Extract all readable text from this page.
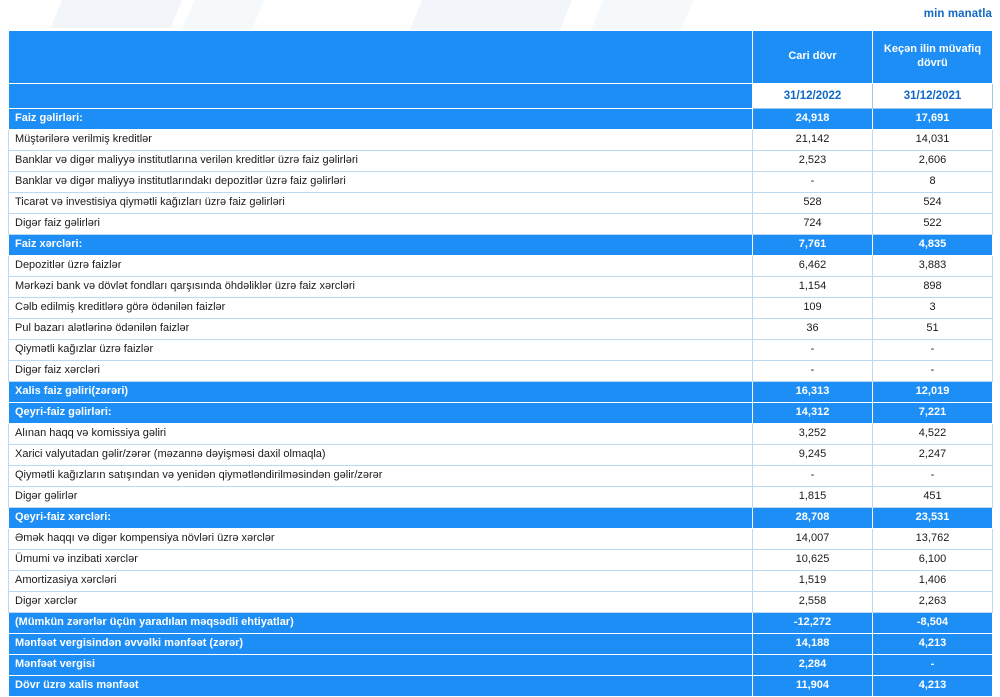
min manatla
	Cari dövr	Keçən ilin müvafiq dövrü
	31/12/2022	31/12/2021
Faiz gəlirləri:	24,918	17,691
Müştərilərə verilmiş kreditlər	21,142	14,031
Banklar və digər maliyyə institutlarına verilən kreditlər üzrə faiz gəlirləri	2,523	2,606
Banklar və digər maliyyə institutlarındakı depozitlər üzrə faiz gəlirləri	-	8
Ticarət və investisiya qiymətli kağızları üzrə faiz gəlirləri	528	524
Digər faiz gəlirləri	724	522
Faiz xərcləri:	7,761	4,835
Depozitlər üzrə faizlər	6,462	3,883
Mərkəzi bank və dövlət fondları qarşısında öhdəliklər üzrə faiz xərcləri	1,154	898
Cəlb edilmiş kreditlərə görə ödənilən faizlər	109	3
Pul bazarı alətlərinə ödənilən faizlər	36	51
Qiymətli kağızlar üzrə faizlər	-	-
Digər faiz xərcləri	-	-
Xalis faiz gəliri(zərəri)	16,313	12,019
Qeyri-faiz gəlirləri:	14,312	7,221
Alınan haqq və komissiya gəliri	3,252	4,522
Xarici valyutadan gəlir/zərər (məzannə dəyişməsi daxil olmaqla)	9,245	2,247
Qiymətli kağızların satışından və yenidən qiymətləndirilməsindən gəlir/zərər	-	-
Digər gəlirlər	1,815	451
Qeyri-faiz xərcləri:	28,708	23,531
Əmək haqqı və digər kompensiya növləri üzrə xərclər	14,007	13,762
Ümumi və inzibati xərclər	10,625	6,100
Amortizasiya xərcləri	1,519	1,406
Digər xərclər	2,558	2,263
(Mümkün zərərlər üçün yaradılan məqsədli ehtiyatlar)	-12,272	-8,504
Mənfəət vergisindən əvvəlki mənfəət (zərər)	14,188	4,213
Mənfəət vergisi	2,284	-
Dövr üzrə xalis mənfəət	11,904	4,213
